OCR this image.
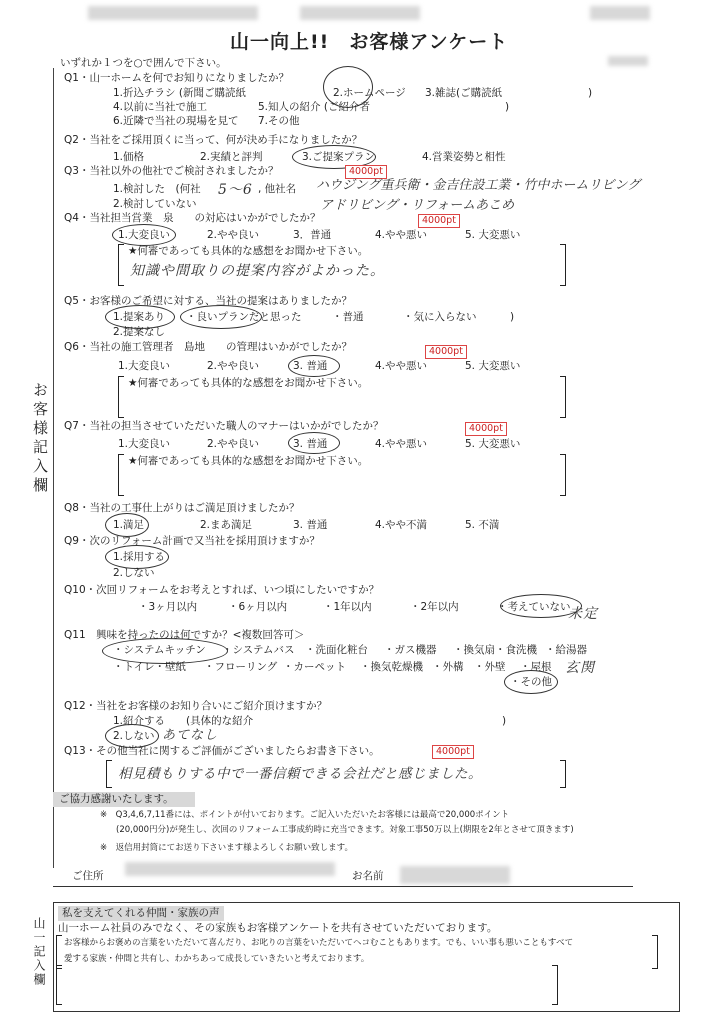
山一向上!!　お客様アンケート
いずれか１つを○で囲んで下さい。
お客様記入欄
山一記入欄
Q1・山一ホームを何でお知りになりましたか？
1.折込チラシ (新聞ご購読紙	2.ホームページ 3.雑誌(ご購読紙	)
4.以前に当社で施工	5.知人の紹介 (ご紹介者	)
6.近隣で当社の現場を見て 7.その他
Q2・当社をご採用頂くに当って、何が決め手になりましたか？
1.価格	2.実績と評判	3.ご提案プラン	4.営業姿勢と相性
Q3・当社以外の他社でご検討されましたか？	4000pt
1.検討した　(何社 5〜6 , 他社名 ハウジング重兵衛・金吉住設工業・竹中ホームリビング
アドリビング・リフォームあこめ
2.検討していない
Q4・当社担当営業　泉　　の対応はいかがでしたか？	4000pt
1.大変良い	2.やや良い	3．普通	4.やや悪い	5. 大変悪い
★何審であっても具体的な感想をお聞かせ下さい。
知識や間取りの提案内容がよかった。
Q5・お客様のご希望に対する、当社の提案はありましたか？
1.提案あり ・良いプランだと思った	・普通	・気に入らない	)
2.提案なし
Q6・当社の施工管理者　島地　　の管理はいかがでしたか？	4000pt
1.大変良い	2.やや良い	3. 普通	4.やや悪い	5. 大変悪い
★何審であっても具体的な感想をお聞かせ下さい。
Q7・当社の担当させていただいた職人のマナーはいかがでしたか？	4000pt
1.大変良い	2.やや良い	3. 普通	4.やや悪い	5. 大変悪い
★何審であっても具体的な感想をお聞かせ下さい。
Q8・当社の工事仕上がりはご満足頂けましたか？
1.満足	2.まあ満足	3. 普通	4.やや不満	5. 不満
Q9・次のリフォーム計画で又当社を採用頂けますか？
1.採用する
2.しない
Q10・次回リフォームをお考えとすれば、いつ頃にしたいですか？
・3ヶ月以内	・6ヶ月以内	・1年以内	・2年以内	・考えていない
未定
Q11　興味を持ったのは何ですか？<複数回答可＞
・システムキッチン ・システムバス ・洗面化粧台 ・ガス機器 ・換気扇・食洗機 ・給湯器
・トイレ・壁紙 ・フローリング ・カーペット ・換気乾燥機 ・外構 ・外壁 ・屋根
・その他
玄関
Q12・当社をお客様のお知り合いにご紹介頂けますか？
1.紹介する　　(具体的な紹介	)
2.しない あてなし
Q13・その他当社に関するご評価がございましたらお書き下さい。	4000pt
相見積もりする中で一番信頼できる会社だと感じました。
ご協力感謝いたします。
※　Q3,4,6,7,11番には、ポイントが付いております。ご記入いただいたお客様には最高で20,000ポイント
(20,000円分)が発生し、次回のリフォーム工事成約時に充当できます。対象工事50万以上(期限を2年とさせて頂きます)
※　返信用封筒にてお送り下さいます様よろしくお願い致します。
ご住所	お名前
私を支えてくれる仲間・家族の声
山一ホーム社員のみでなく、その家族もお客様アンケートを共有させていただいております。
お客様からお褒めの言葉をいただいて喜んだり、お叱りの言葉をいただいてヘコむこともあります。でも、いい事も悪いこともすべて
愛する家族・仲間と共有し、わかちあって成長していきたいと考えております。
